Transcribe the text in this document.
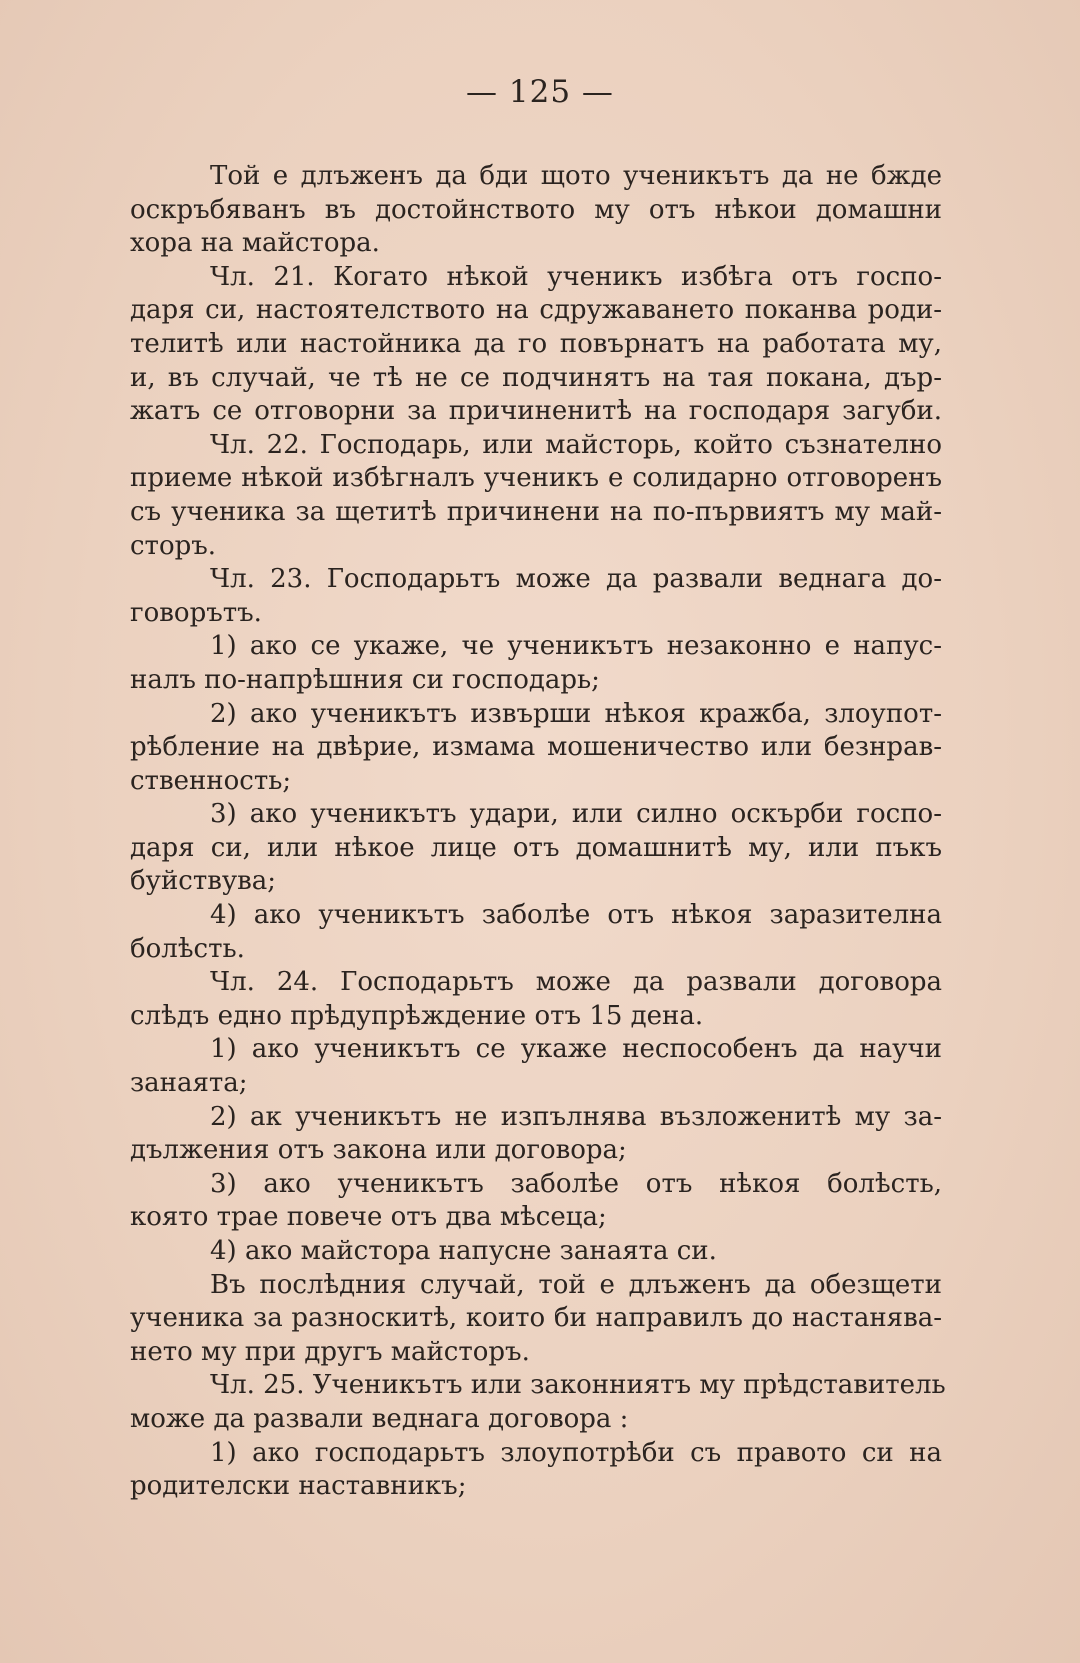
— 125 —
Той е длъженъ да бди щото ученикътъ да не бжде
оскръбяванъ въ достойнството му отъ нѣкои домашни
хора на майстора.
Чл. 21. Когато нѣкой ученикъ избѣга отъ госпо-
даря си, настоятелството на сдружаването поканва роди-
телитѣ или настойника да го повърнатъ на работата му,
и, въ случай, че тѣ не се подчинятъ на тая покана, дър-
жатъ се отговорни за причиненитѣ на господаря загуби.
Чл. 22. Господарь, или майсторь, който съзнателно
приеме нѣкой избѣгналъ ученикъ е солидарно отговоренъ
съ ученика за щетитѣ причинени на по-първиятъ му май-
сторъ.
Чл. 23. Господарьтъ може да развали веднага до-
говорътъ.
1) ако се укаже, че ученикътъ незаконно е напус-
налъ по-напрѣшния си господарь;
2) ако ученикътъ извърши нѣкоя кражба, злоупот-
рѣбление на двѣрие, измама мошеничество или безнрав-
ственность;
3) ако ученикътъ удари, или силно оскърби госпо-
даря си, или нѣкое лице отъ домашнитѣ му, или пъкъ
буйствува;
4) ако ученикътъ заболѣе отъ нѣкоя заразителна
болѣсть.
Чл. 24. Господарьтъ може да развали договора
слѣдъ едно прѣдупрѣждение отъ 15 дена.
1) ако ученикътъ се укаже неспособенъ да научи
занаята;
2) ак ученикътъ не изпълнява възложенитѣ му за-
дължения отъ закона или договора;
3) ако ученикътъ заболѣе отъ нѣкоя болѣсть,
която трае повече отъ два мѣсеца;
4) ако майстора напусне занаята си.
Въ послѣдния случай, той е длъженъ да обезщети
ученика за разноскитѣ, които би направилъ до настанява-
нето му при другъ майсторъ.
Чл. 25. Ученикътъ или законниятъ му прѣдставитель
може да развали веднага договора :
1) ако господарьтъ злоупотрѣби съ правото си на
родителски наставникъ;
